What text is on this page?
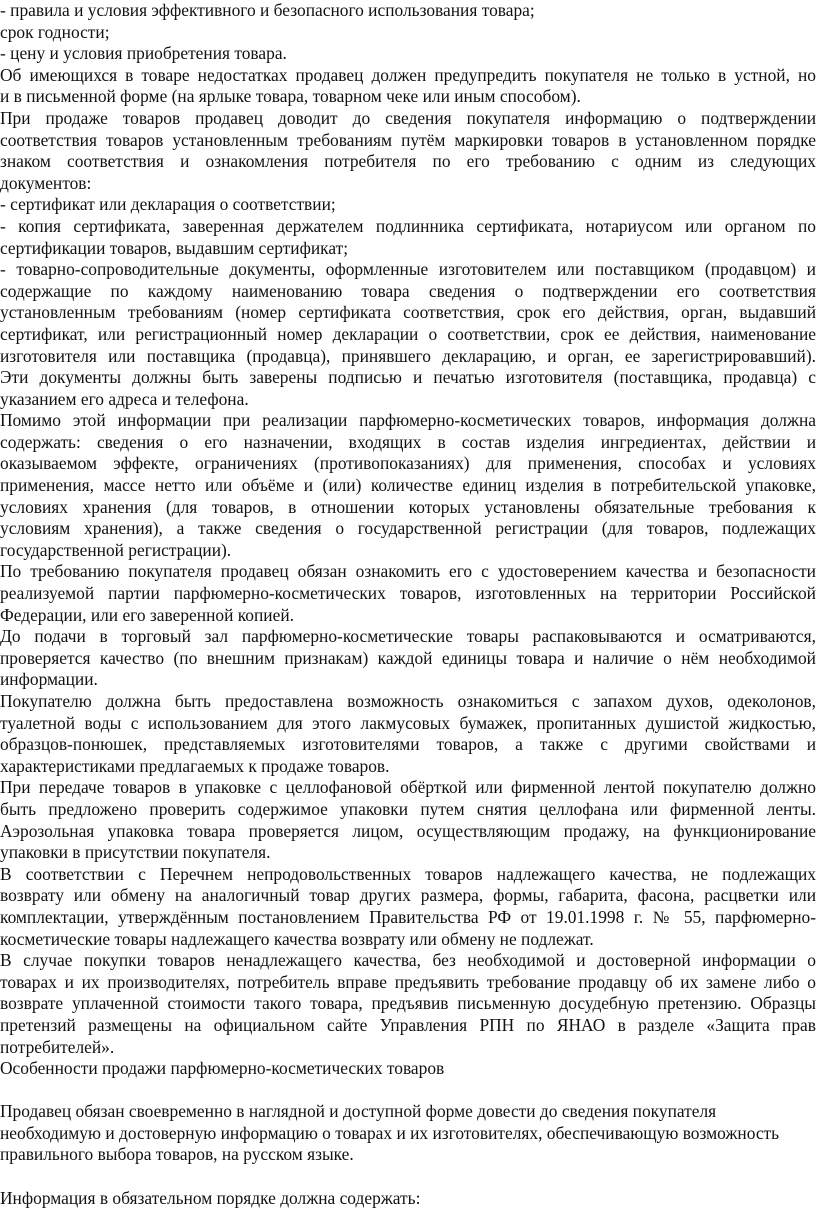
- правила и условия эффективного и безопасного использования товара;
срок годности;
- цену и условия приобретения товара.
Об имеющихся в товаре недостатках продавец должен предупредить покупателя не только в устной, но
и в письменной форме (на ярлыке товара, товарном чеке или иным способом).
При продаже товаров продавец доводит до сведения покупателя информацию о подтверждении
соответствия товаров установленным требованиям путём маркировки товаров в установленном порядке
знаком соответствия и ознакомления потребителя по его требованию с одним из следующих
документов:
- сертификат или декларация о соответствии;
- копия сертификата, заверенная держателем подлинника сертификата, нотариусом или органом по
сертификации товаров, выдавшим сертификат;
- товарно-сопроводительные документы, оформленные изготовителем или поставщиком (продавцом) и
содержащие по каждому наименованию товара сведения о подтверждении его соответствия
установленным требованиям (номер сертификата соответствия, срок его действия, орган, выдавший
сертификат, или регистрационный номер декларации о соответствии, срок ее действия, наименование
изготовителя или поставщика (продавца), принявшего декларацию, и орган, ее зарегистрировавший).
Эти документы должны быть заверены подписью и печатью изготовителя (поставщика, продавца) с
указанием его адреса и телефона.
Помимо этой информации при реализации парфюмерно-косметических товаров, информация должна
содержать: сведения о его назначении, входящих в состав изделия ингредиентах, действии и
оказываемом эффекте, ограничениях (противопоказаниях) для применения, способах и условиях
применения, массе нетто или объёме и (или) количестве единиц изделия в потребительской упаковке,
условиях хранения (для товаров, в отношении которых установлены обязательные требования к
условиям хранения), а также сведения о государственной регистрации (для товаров, подлежащих
государственной регистрации).
По требованию покупателя продавец обязан ознакомить его с удостоверением качества и безопасности
реализуемой партии парфюмерно-косметических товаров, изготовленных на территории Российской
Федерации, или его заверенной копией.
До подачи в торговый зал парфюмерно-косметические товары распаковываются и осматриваются,
проверяется качество (по внешним признакам) каждой единицы товара и наличие о нём необходимой
информации.
Покупателю должна быть предоставлена возможность ознакомиться с запахом духов, одеколонов,
туалетной воды с использованием для этого лакмусовых бумажек, пропитанных душистой жидкостью,
образцов-понюшек, представляемых изготовителями товаров, а также с другими свойствами и
характеристиками предлагаемых к продаже товаров.
При передаче товаров в упаковке с целлофановой обёрткой или фирменной лентой покупателю должно
быть предложено проверить содержимое упаковки путем снятия целлофана или фирменной ленты.
Аэрозольная упаковка товара проверяется лицом, осуществляющим продажу, на функционирование
упаковки в присутствии покупателя.
В соответствии с Перечнем непродовольственных товаров надлежащего качества, не подлежащих
возврату или обмену на аналогичный товар других размера, формы, габарита, фасона, расцветки или
комплектации, утверждённым постановлением Правительства РФ от 19.01.1998 г. № 55, парфюмерно-
косметические товары надлежащего качества возврату или обмену не подлежат.
В случае покупки товаров ненадлежащего качества, без необходимой и достоверной информации о
товарах и их производителях, потребитель вправе предъявить требование продавцу об их замене либо о
возврате уплаченной стоимости такого товара, предъявив письменную досудебную претензию. Образцы
претензий размещены на официальном сайте Управления РПН по ЯНАО в разделе «Защита прав
потребителей».
Особенности продажи парфюмерно-косметических товаров
Продавец обязан своевременно в наглядной и доступной форме довести до сведения покупателя
необходимую и достоверную информацию о товарах и их изготовителях, обеспечивающую возможность
правильного выбора товаров, на русском языке.
Информация в обязательном порядке должна содержать:
